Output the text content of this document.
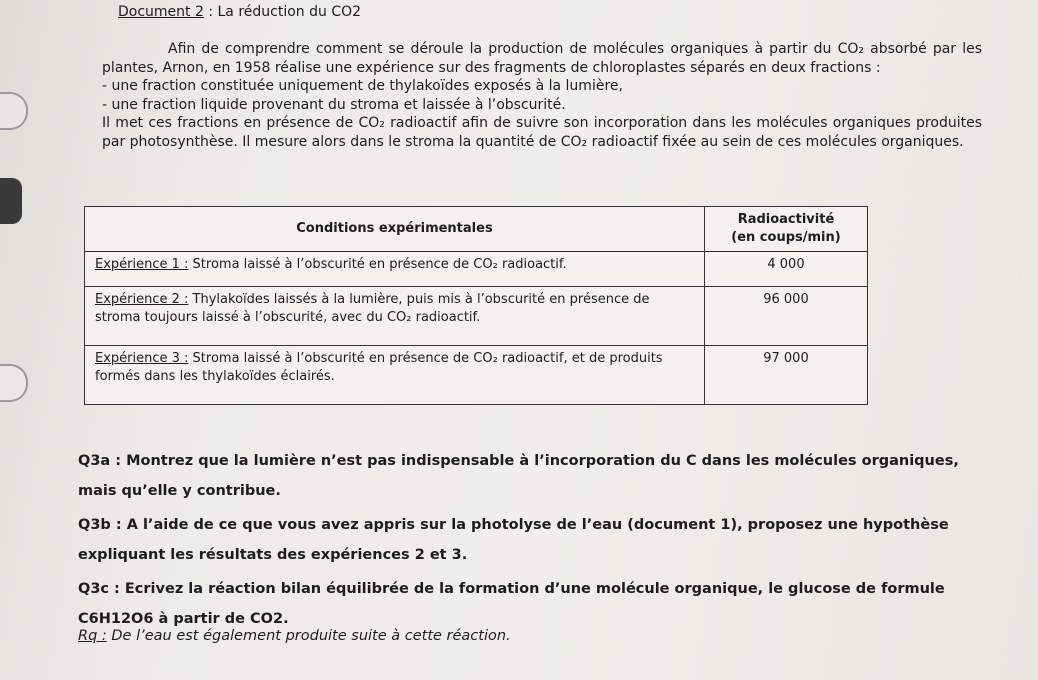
Document 2 : La réduction du CO2

Afin de comprendre comment se déroule la production de molécules organiques à partir du CO₂ absorbé par les plantes, Arnon, en 1958 réalise une expérience sur des fragments de chloroplastes séparés en deux fractions :

- une fraction constituée uniquement de thylakoïdes exposés à la lumière,

- une fraction liquide provenant du stroma et laissée à l’obscurité.

Il met ces fractions en présence de CO₂ radioactif afin de suivre son incorporation dans les molécules organiques produites par photosynthèse. Il mesure alors dans le stroma la quantité de CO₂ radioactif fixée au sein de ces molécules organiques.

Conditions expérimentales	Radioactivité
(en coups/min)

Expérience 1 : Stroma laissé à l’obscurité en présence de CO₂ radioactif.	4 000
Expérience 2 : Thylakoïdes laissés à la lumière, puis mis à l’obscurité en présence de stroma toujours laissé à l’obscurité, avec du CO₂ radioactif.	96 000
Expérience 3 : Stroma laissé à l’obscurité en présence de CO₂ radioactif, et de produits formés dans les thylakoïdes éclairés.	97 000
Q3a : Montrez que la lumière n’est pas indispensable à l’incorporation du C dans les molécules organiques, mais qu’elle y contribue.
Q3b : A l’aide de ce que vous avez appris sur la photolyse de l’eau (document 1), proposez une hypothèse expliquant les résultats des expériences 2 et 3.
Q3c : Ecrivez la réaction bilan équilibrée de la formation d’une molécule organique, le glucose de formule C6H12O6 à partir de CO2.
Rq : De l’eau est également produite suite à cette réaction.
